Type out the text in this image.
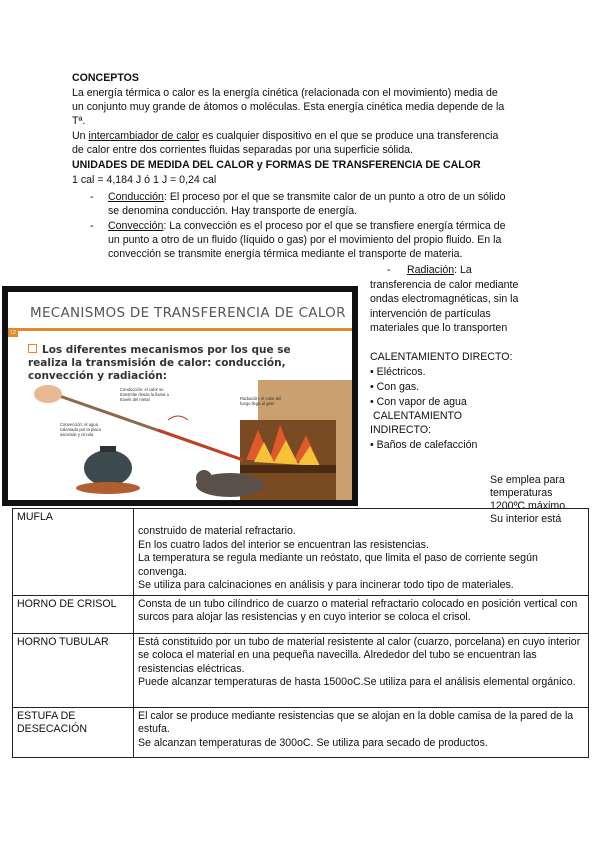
CONCEPTOS

La energía térmica o calor es la energía cinética (relacionada con el movimiento) media de

un conjunto muy grande de átomos o moléculas. Esta energía cinética media depende de la

Tª.

Un intercambiador de calor es cualquier dispositivo en el que se produce una transferencia

de calor entre dos corrientes fluidas separadas por una superficie sólida.

UNIDADES DE MEDIDA DEL CALOR y FORMAS DE TRANSFERENCIA DE CALOR

1 cal = 4,184 J ó 1 J = 0,24 cal

- Conducción: El proceso por el que se transmite calor de un punto a otro de un sólido

se denomina conducción. Hay transporte de energía.

- Convección: La convección es el proceso por el que se transfiere energía térmica de

un punto a otro de un fluido (líquido o gas) por el movimiento del propio fluido. En la

convección se transmite energía térmica mediante el transporte de materia.

- Radiación: La

transferencia de calor mediante

ondas electromagnéticas, sin la

intervención de partículas

materiales que lo transporten

CALENTAMIENTO DIRECTO:

• Eléctricos.

• Con gas.

• Con vapor de agua

CALENTAMIENTO

INDIRECTO:

• Baños de calefacción

MECANISMOS DE TRANSFERENCIA DE CALOR
12
Los diferentes mecanismos por los que se realiza la transmisión de calor: conducción, convección y radiación:
Conducción: el calor se transmite desde la llama a través del metal
Convección: el agua calentada por la placa asciende y circula
Radiación: el calor del fuego llega al gato

Se emplea para

temperaturas

1200ºC máximo.

Su interior está

MUFLA	construido de material refractario.

En los cuatro lados del interior se encuentran las resistencias.

La temperatura se regula mediante un reóstato, que limita el paso de corriente según convenga.

Se utiliza para calcinaciones en análisis y para incinerar todo tipo de materiales.

HORNO DE CRISOL	Consta de un tubo cilíndrico de cuarzo o material refractario colocado en posición vertical con surcos para alojar las resistencias y en cuyo interior se coloca el crisol.

HORNO TUBULAR	Está constituido por un tubo de material resistente al calor (cuarzo, porcelana) en cuyo interior se coloca el material en una pequeña navecilla. Alrededor del tubo se encuentran las resistencias eléctricas.

Puede alcanzar temperaturas de hasta 1500oC.Se utiliza para el análisis elemental orgánico.

ESTUFA DE DESECACIÓN	El calor se produce mediante resistencias que se alojan en la doble camisa de la pared de la estufa.

Se alcanzan temperaturas de 300oC. Se utiliza para secado de productos.
